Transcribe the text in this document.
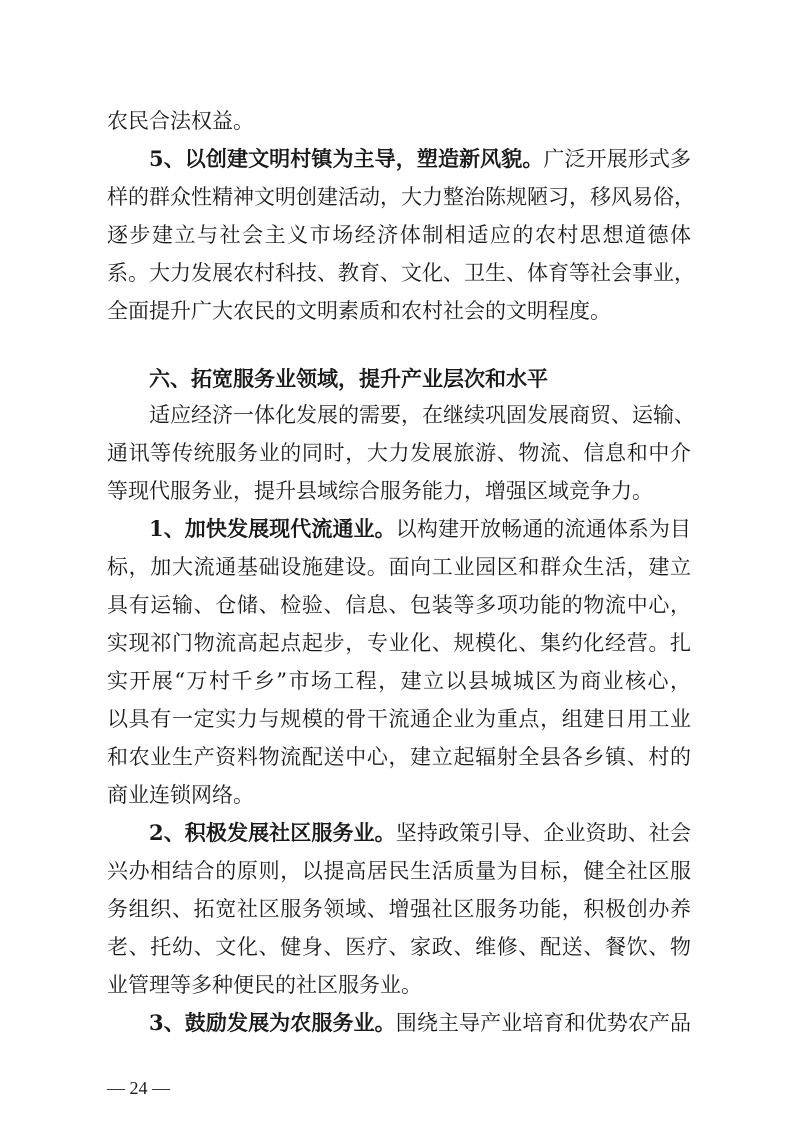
农民合法权益。
5、以创建文明村镇为主导，塑造新风貌。广泛开展形式多
样的群众性精神文明创建活动，大力整治陈规陋习，移风易俗，
逐步建立与社会主义市场经济体制相适应的农村思想道德体
系。大力发展农村科技、教育、文化、卫生、体育等社会事业，
全面提升广大农民的文明素质和农村社会的文明程度。
六、拓宽服务业领域，提升产业层次和水平
适应经济一体化发展的需要，在继续巩固发展商贸、运输、
通讯等传统服务业的同时，大力发展旅游、物流、信息和中介
等现代服务业，提升县域综合服务能力，增强区域竞争力。
1、加快发展现代流通业。以构建开放畅通的流通体系为目
标，加大流通基础设施建设。面向工业园区和群众生活，建立
具有运输、仓储、检验、信息、包装等多项功能的物流中心，
实现祁门物流高起点起步，专业化、规模化、集约化经营。扎
实开展“万村千乡”市场工程，建立以县城城区为商业核心，
以具有一定实力与规模的骨干流通企业为重点，组建日用工业
和农业生产资料物流配送中心，建立起辐射全县各乡镇、村的
商业连锁网络。
2、积极发展社区服务业。坚持政策引导、企业资助、社会
兴办相结合的原则，以提高居民生活质量为目标，健全社区服
务组织、拓宽社区服务领域、增强社区服务功能，积极创办养
老、托幼、文化、健身、医疗、家政、维修、配送、餐饮、物
业管理等多种便民的社区服务业。
3、鼓励发展为农服务业。围绕主导产业培育和优势农产品
— 24 —
